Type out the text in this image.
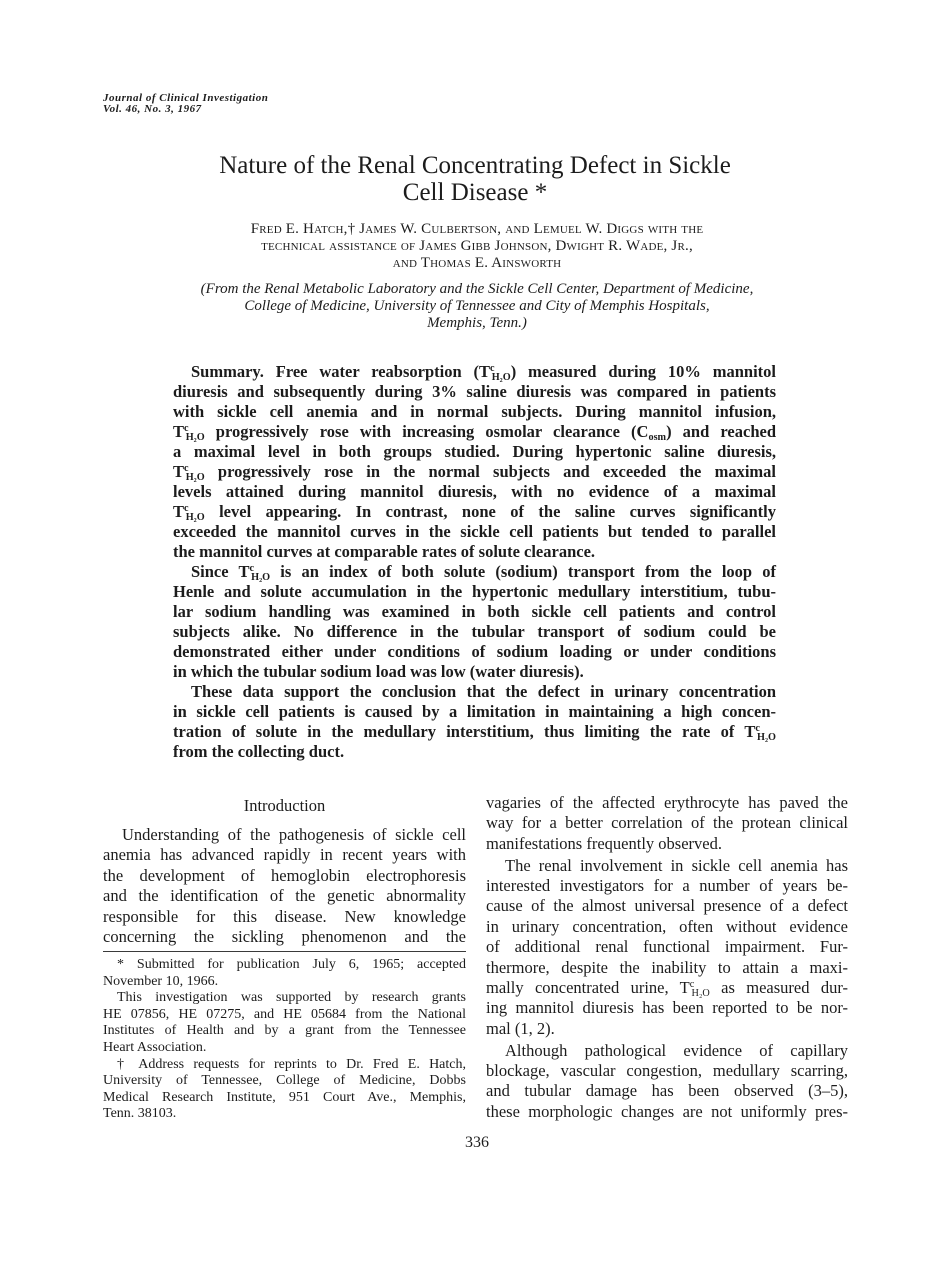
Journal of Clinical Investigation
Vol. 46, No. 3, 1967
Nature of the Renal Concentrating Defect in Sickle
Cell Disease *
Fred E. Hatch,† James W. Culbertson, and Lemuel W. Diggs with the
technical assistance of James Gibb Johnson, Dwight R. Wade, Jr.,
and Thomas E. Ainsworth
(From the Renal Metabolic Laboratory and the Sickle Cell Center, Department of Medicine,
College of Medicine, University of Tennessee and City of Memphis Hospitals,
Memphis, Tenn.)
Summary. Free water reabsorption $(T^cH_2O)$ measured during 10% mannitol
diuresis and subsequently during 3% saline diuresis was compared in patients
with sickle cell anemia and in normal subjects. During mannitol infusion,
$T^cH_2O$ progressively rose with increasing osmolar clearance (Cosm) and reached
a maximal level in both groups studied. During hypertonic saline diuresis,
$T^cH_2O$ progressively rose in the normal subjects and exceeded the maximal
levels attained during mannitol diuresis, with no evidence of a maximal
$T^cH_2O$ level appearing. In contrast, none of the saline curves significantly
exceeded the mannitol curves in the sickle cell patients but tended to parallel
the mannitol curves at comparable rates of solute clearance.
Since $T^cH_2O$ is an index of both solute (sodium) transport from the loop of
Henle and solute accumulation in the hypertonic medullary interstitium, tubu-
lar sodium handling was examined in both sickle cell patients and control
subjects alike. No difference in the tubular transport of sodium could be
demonstrated either under conditions of sodium loading or under conditions
in which the tubular sodium load was low (water diuresis).
These data support the conclusion that the defect in urinary concentration
in sickle cell patients is caused by a limitation in maintaining a high concen-
tration of solute in the medullary interstitium, thus limiting the rate of $T^cH_2O$
from the collecting duct.
Introduction
Understanding of the pathogenesis of sickle cell
anemia has advanced rapidly in recent years with
the development of hemoglobin electrophoresis
and the identification of the genetic abnormality
responsible for this disease. New knowledge
concerning the sickling phenomenon and the
* Submitted for publication July 6, 1965; accepted
November 10, 1966.
This investigation was supported by research grants
HE 07856, HE 07275, and HE 05684 from the National
Institutes of Health and by a grant from the Tennessee
Heart Association.
† Address requests for reprints to Dr. Fred E. Hatch,
University of Tennessee, College of Medicine, Dobbs
Medical Research Institute, 951 Court Ave., Memphis,
Tenn. 38103.
vagaries of the affected erythrocyte has paved the
way for a better correlation of the protean clinical
manifestations frequently observed.
The renal involvement in sickle cell anemia has
interested investigators for a number of years be-
cause of the almost universal presence of a defect
in urinary concentration, often without evidence
of additional renal functional impairment. Fur-
thermore, despite the inability to attain a maxi-
mally concentrated urine, $T^cH_2O$ as measured dur-
ing mannitol diuresis has been reported to be nor-
mal (1, 2).
Although pathological evidence of capillary
blockage, vascular congestion, medullary scarring,
and tubular damage has been observed (3–5),
these morphologic changes are not uniformly pres-
336
